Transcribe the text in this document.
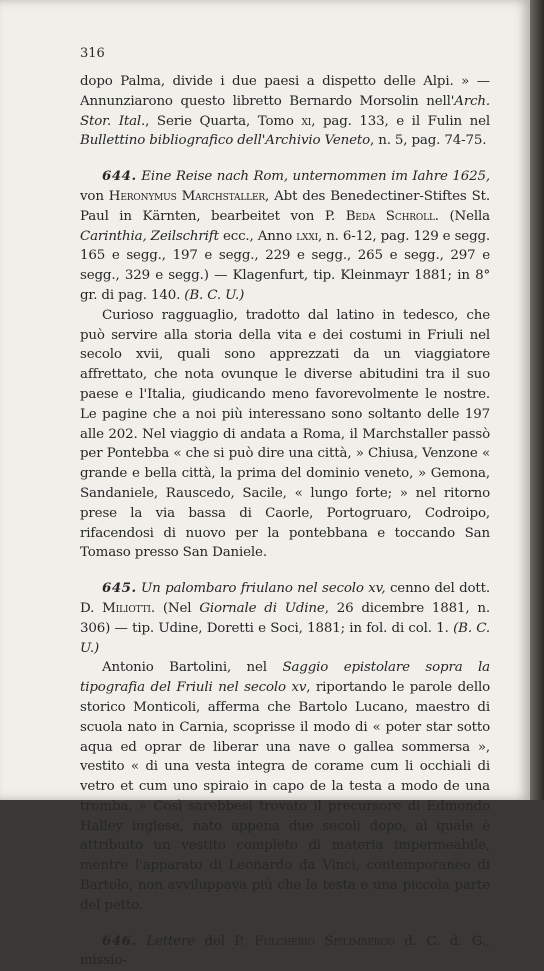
316

dopo Palma, divide i due paesi a dispetto delle Alpi. » — Annunziarono questo libretto Bernardo Morsolin nell'Arch. Stor. Ital., Serie Quarta, Tomo xi, pag. 133, e il Fulin nel Bullettino bibliografico dell'Archivio Veneto, n. 5, pag. 74-75.

644. Eine Reise nach Rom, unternommen im Iahre 1625, von Heronymus Marchstaller, Abt des Benedectiner-Stiftes St. Paul in Kärnten, bearbeitet von P. Beda Schroll. (Nella Carinthia, Zeilschrift ecc., Anno lxxi, n. 6-12, pag. 129 e segg. 165 e segg., 197 e segg., 229 e segg., 265 e segg., 297 e segg., 329 e segg.) — Klagenfurt, tip. Kleinmayr 1881; in 8° gr. di pag. 140. (B. C. U.)

Curioso ragguaglio, tradotto dal latino in tedesco, che può servire alla storia della vita e dei costumi in Friuli nel secolo xvii, quali sono apprezzati da un viaggiatore affrettato, che nota ovunque le diverse abitudini tra il suo paese e l'Italia, giudicando meno favorevolmente le nostre. Le pagine che a noi più interessano sono soltanto delle 197 alle 202. Nel viaggio di andata a Roma, il Marchstaller passò per Pontebba « che si può dire una città, » Chiusa, Venzone « grande e bella città, la prima del dominio veneto, » Gemona, Sandaniele, Rauscedo, Sacile, « lungo forte; » nel ritorno prese la via bassa di Caorle, Portogruaro, Codroipo, rifacendosi di nuovo per la pontebbana e toccando San Tomaso presso San Daniele.

645. Un palombaro friulano nel secolo xv, cenno del dott. D. Miliotti. (Nel Giornale di Udine, 26 dicembre 1881, n. 306) — tip. Udine, Doretti e Soci, 1881; in fol. di col. 1. (B. C. U.)

Antonio Bartolini, nel Saggio epistolare sopra la tipografia del Friuli nel secolo xv, riportando le parole dello storico Monticoli, afferma che Bartolo Lucano, maestro di scuola nato in Carnia, scoprisse il modo di « poter star sotto aqua ed oprar de liberar una nave o gallea sommersa », vestito « di una vesta integra de corame cum li occhiali di vetro et cum uno spiraio in capo de la testa a modo de una tromba. » Così sarebbesi trovato il precursore di Edmondo Halley inglese, nato appena due secoli dopo, al quale è attribuito un vestito completo di materia impermeabile, mentre l'apparato di Leonardo da Vinci, contemporaneo di Bartolo, non avviluppava più che la testa e una piccola parte del petto.

646. Lettere del P. Fulcherio Spilimbergo d. C. d. G., missio-
